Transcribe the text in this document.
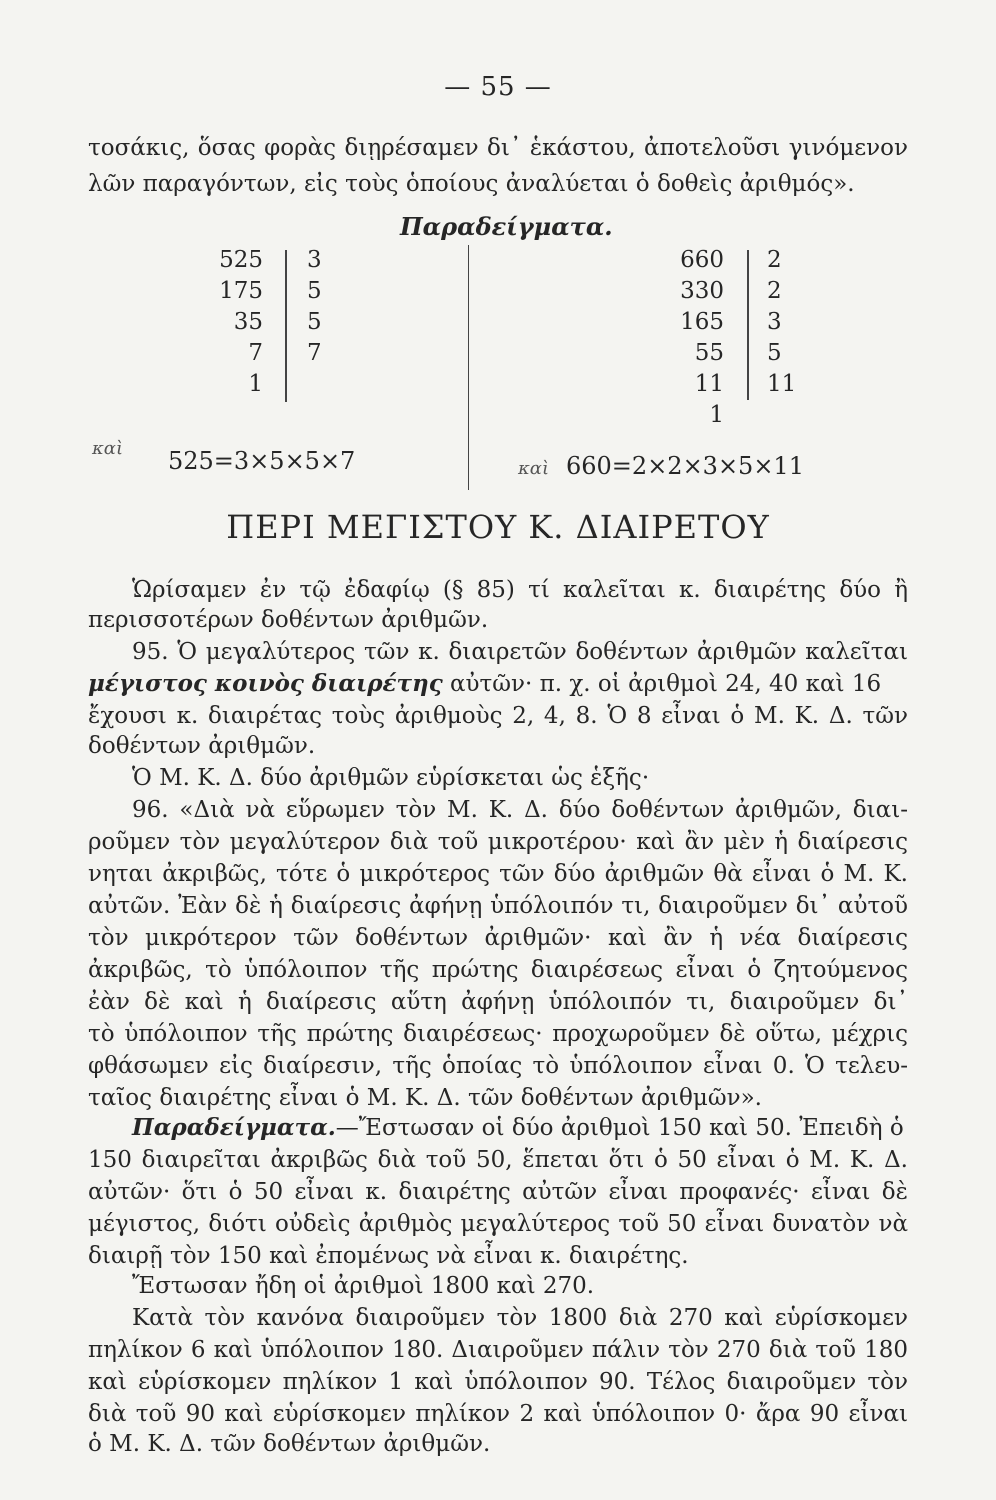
— 55 —
τοσάκις, ὅσας φορὰς διῃρέσαμεν δι᾽ ἑκάστου, ἀποτελοῦσι γινόμενον
λῶν παραγόντων, εἰς τοὺς ὁποίους ἀναλύεται ὁ δοθεὶς ἀριθμός».
Παραδείγματα.
525
175
35
7
1
3
5
5
7
καὶ 525=3×5×5×7
660
330
165
55
11
1
2
2
3
5
11
καὶ 660=2×2×3×5×11
ΠΕΡΙ ΜΕΓΙΣΤΟΥ Κ. ΔΙΑΙΡΕΤΟΥ
Ὡρίσαμεν ἐν τῷ ἐδαφίῳ (§ 85) τί καλεῖται κ. διαιρέτης δύο ἢ
περισσοτέρων δοθέντων ἀριθμῶν.
95. Ὁ μεγαλύτερος τῶν κ. διαιρετῶν δοθέντων ἀριθμῶν καλεῖται
μέγιστος κοινὸς διαιρέτης αὐτῶν· π. χ. οἱ ἀριθμοὶ 24, 40 καὶ 16
ἔχουσι κ. διαιρέτας τοὺς ἀριθμοὺς 2, 4, 8. Ὁ 8 εἶναι ὁ Μ. Κ. Δ. τῶν
δοθέντων ἀριθμῶν.
Ὁ Μ. Κ. Δ. δύο ἀριθμῶν εὑρίσκεται ὡς ἑξῆς·
96. «Διὰ νὰ εὕρωμεν τὸν Μ. Κ. Δ. δύο δοθέντων ἀριθμῶν, διαι-
ροῦμεν τὸν μεγαλύτερον διὰ τοῦ μικροτέρου· καὶ ἂν μὲν ἡ διαίρεσις
νηται ἀκριβῶς, τότε ὁ μικρότερος τῶν δύο ἀριθμῶν θὰ εἶναι ὁ Μ. Κ.
αὐτῶν. Ἐὰν δὲ ἡ διαίρεσις ἀφήνῃ ὑπόλοιπόν τι, διαιροῦμεν δι᾽ αὐτοῦ
τὸν μικρότερον τῶν δοθέντων ἀριθμῶν· καὶ ἂν ἡ νέα διαίρεσις
ἀκριβῶς, τὸ ὑπόλοιπον τῆς πρώτης διαιρέσεως εἶναι ὁ ζητούμενος
ἐὰν δὲ καὶ ἡ διαίρεσις αὕτη ἀφήνῃ ὑπόλοιπόν τι, διαιροῦμεν δι᾽
τὸ ὑπόλοιπον τῆς πρώτης διαιρέσεως· προχωροῦμεν δὲ οὕτω, μέχρις
φθάσωμεν εἰς διαίρεσιν, τῆς ὁποίας τὸ ὑπόλοιπον εἶναι 0. Ὁ τελευ-
ταῖος διαιρέτης εἶναι ὁ Μ. Κ. Δ. τῶν δοθέντων ἀριθμῶν».
Παραδείγματα.—Ἔστωσαν οἱ δύο ἀριθμοὶ 150 καὶ 50. Ἐπειδὴ ὁ
150 διαιρεῖται ἀκριβῶς διὰ τοῦ 50, ἕπεται ὅτι ὁ 50 εἶναι ὁ Μ. Κ. Δ.
αὐτῶν· ὅτι ὁ 50 εἶναι κ. διαιρέτης αὐτῶν εἶναι προφανές· εἶναι δὲ
μέγιστος, διότι οὐδεὶς ἀριθμὸς μεγαλύτερος τοῦ 50 εἶναι δυνατὸν νὰ
διαιρῇ τὸν 150 καὶ ἐπομένως νὰ εἶναι κ. διαιρέτης.
Ἔστωσαν ἤδη οἱ ἀριθμοὶ 1800 καὶ 270.
Κατὰ τὸν κανόνα διαιροῦμεν τὸν 1800 διὰ 270 καὶ εὑρίσκομεν
πηλίκον 6 καὶ ὑπόλοιπον 180. Διαιροῦμεν πάλιν τὸν 270 διὰ τοῦ 180
καὶ εὑρίσκομεν πηλίκον 1 καὶ ὑπόλοιπον 90. Τέλος διαιροῦμεν τὸν
διὰ τοῦ 90 καὶ εὑρίσκομεν πηλίκον 2 καὶ ὑπόλοιπον 0· ἄρα 90 εἶναι
ὁ Μ. Κ. Δ. τῶν δοθέντων ἀριθμῶν.
